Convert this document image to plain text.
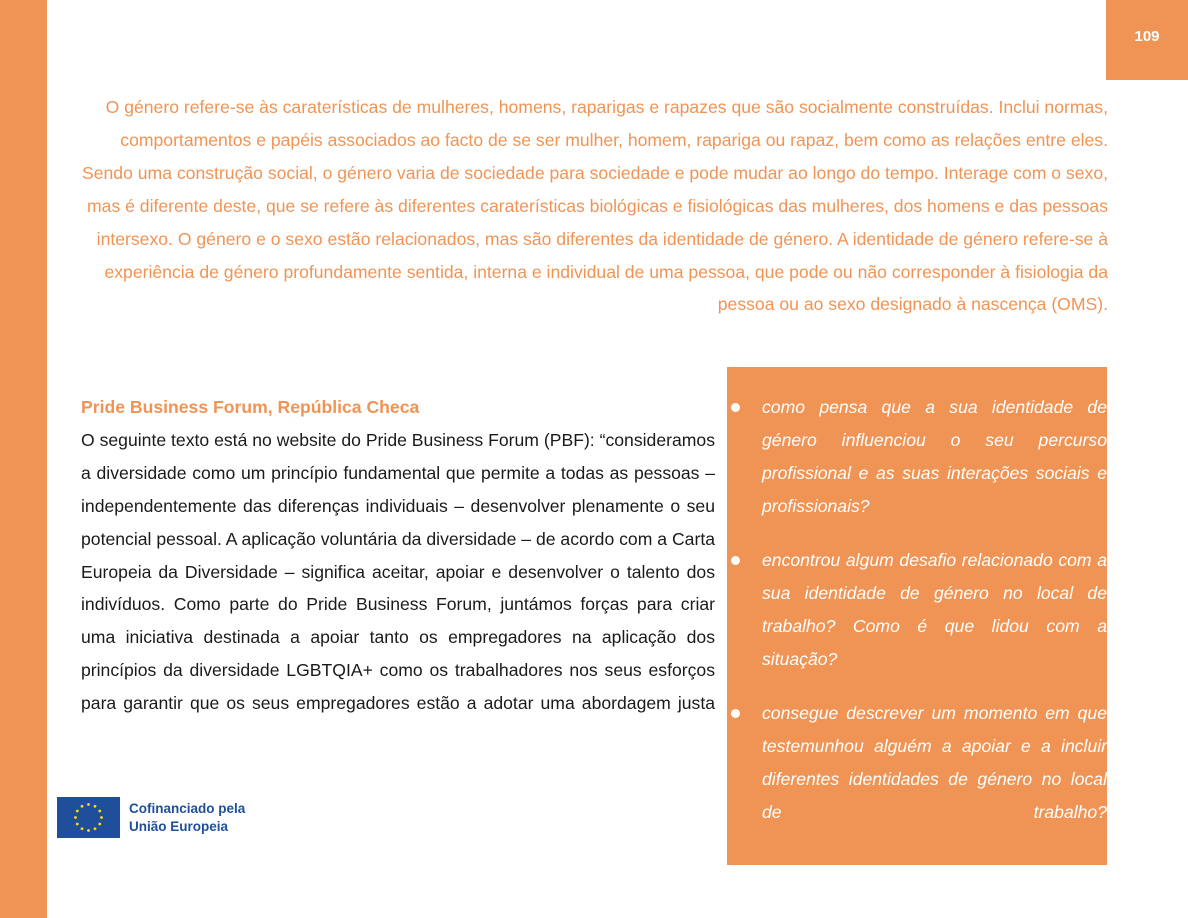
109

O género refere-se às caraterísticas de mulheres, homens, raparigas e rapazes que são socialmente construídas. Inclui normas, comportamentos e papéis associados ao facto de se ser mulher, homem, rapariga ou rapaz, bem como as relações entre eles. Sendo uma construção social, o género varia de sociedade para sociedade e pode mudar ao longo do tempo. Interage com o sexo, mas é diferente deste, que se refere às diferentes caraterísticas biológicas e fisiológicas das mulheres, dos homens e das pessoas intersexo. O género e o sexo estão relacionados, mas são diferentes da identidade de género. A identidade de género refere-se à experiência de género profundamente sentida, interna e individual de uma pessoa, que pode ou não corresponder à fisiologia da pessoa ou ao sexo designado à nascença (OMS).

Pride Business Forum, República Checa

O seguinte texto está no website do Pride Business Forum (PBF): “consideramos a diversidade como um princípio fundamental que permite a todas as pessoas – independentemente das diferenças individuais – desenvolver plenamente o seu potencial pessoal. A aplicação voluntária da diversidade – de acordo com a Carta Europeia da Diversidade – significa aceitar, apoiar e desenvolver o talento dos indivíduos. Como parte do Pride Business Forum, juntámos forças para criar uma iniciativa destinada a apoiar tanto os empregadores na aplicação dos princípios da diversidade LGBTQIA+ como os trabalhadores nos seus esforços para garantir que os seus empregadores estão a adotar uma abordagem justa

como pensa que a sua identidade de género influenciou o seu percurso profissional e as suas interações sociais e profissionais?
encontrou algum desafio relacionado com a sua identidade de género no local de trabalho? Como é que lidou com a situação?
consegue descrever um momento em que testemunhou alguém a apoiar e a incluir diferentes identidades de género no local de trabalho?
Cofinanciado pela
União Europeia
